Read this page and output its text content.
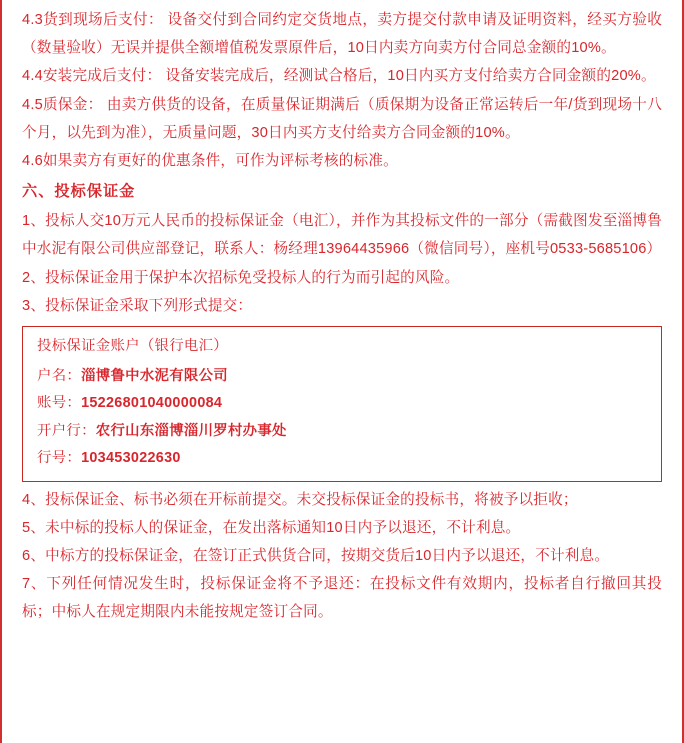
4.3货到现场后支付： 设备交付到合同约定交货地点，卖方提交付款申请及证明资料，经买方验收（数量验收）无误并提供全额增值税发票原件后，10日内卖方向卖方付合同总金额的10%。

4.4安装完成后支付： 设备安装完成后，经测试合格后，10日内买方支付给卖方合同金额的20%。

4.5质保金： 由卖方供货的设备，在质量保证期满后（质保期为设备正常运转后一年/货到现场十八个月，以先到为准），无质量问题，30日内买方支付给卖方合同金额的10%。

4.6如果卖方有更好的优惠条件，可作为评标考核的标准。

六、投标保证金

1、投标人交10万元人民币的投标保证金（电汇），并作为其投标文件的一部分（需截图发至淄博鲁中水泥有限公司供应部登记，联系人：杨经理13964435966（微信同号），座机号0533-5685106）

2、投标保证金用于保护本次招标免受投标人的行为而引起的风险。

3、投标保证金采取下列形式提交：

投标保证金账户（银行电汇）
户名：淄博鲁中水泥有限公司
账号：15226801040000084
开户行：农行山东淄博淄川罗村办事处
行号：103453022630

4、投标保证金、标书必须在开标前提交。未交投标保证金的投标书，将被予以拒收；

5、未中标的投标人的保证金，在发出落标通知10日内予以退还，不计利息。

6、中标方的投标保证金，在签订正式供货合同，按期交货后10日内予以退还，不计利息。

7、下列任何情况发生时，投标保证金将不予退还：在投标文件有效期内，投标者自行撤回其投标；中标人在规定期限内未能按规定签订合同。
